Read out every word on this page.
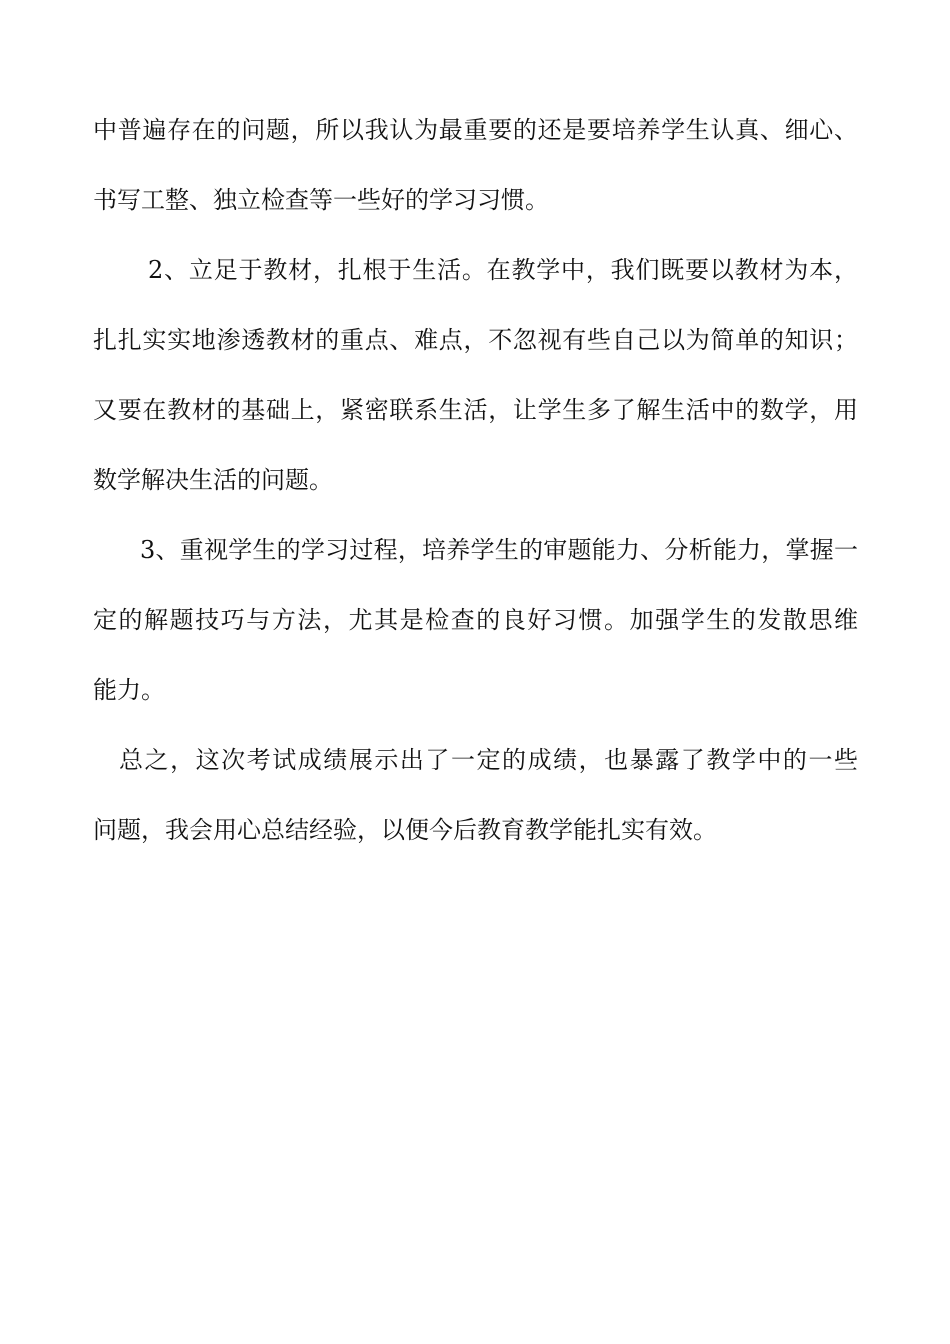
中普遍存在的问题，所以我认为最重要的还是要培养学生认真、细心、
书写工整、独立检查等一些好的学习习惯。
2、立足于教材，扎根于生活。在教学中，我们既要以教材为本，
扎扎实实地渗透教材的重点、难点，不忽视有些自己以为简单的知识；
又要在教材的基础上，紧密联系生活，让学生多了解生活中的数学，用
数学解决生活的问题。
3、重视学生的学习过程，培养学生的审题能力、分析能力，掌握一
定的解题技巧与方法，尤其是检查的良好习惯。加强学生的发散思维
能力。
总之，这次考试成绩展示出了一定的成绩，也暴露了教学中的一些
问题，我会用心总结经验，以便今后教育教学能扎实有效。
